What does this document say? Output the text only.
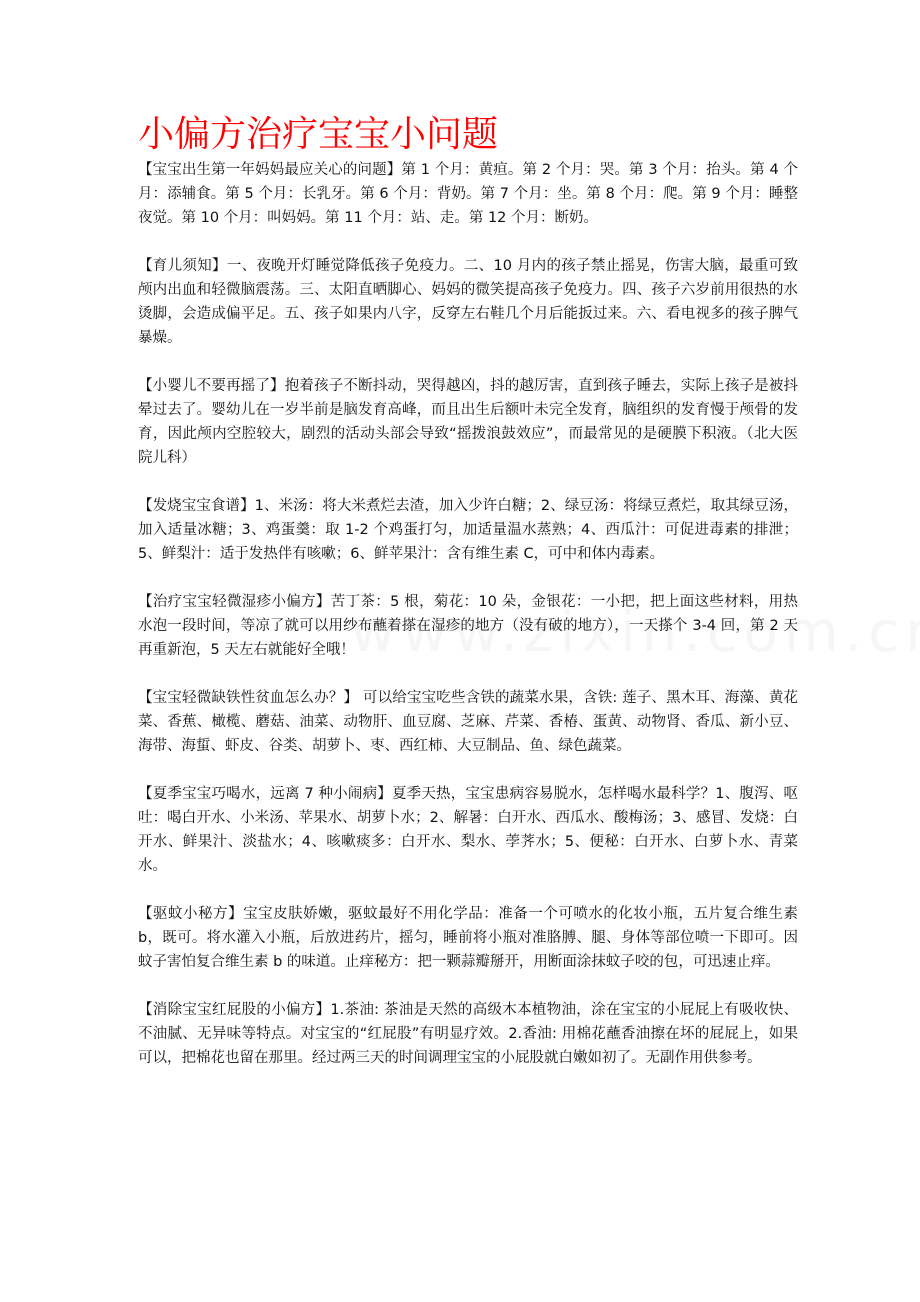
小偏方治疗宝宝小问题

【宝宝出生第一年妈妈最应关心的问题】第 1 个月：黄疸。第 2 个月：哭。第 3 个月：抬头。第 4 个月：添辅食。第 5 个月：长乳牙。第 6 个月：背奶。第 7 个月：坐。第 8 个月：爬。第 9 个月：睡整夜觉。第 10 个月：叫妈妈。第 11 个月：站、走。第 12 个月：断奶。

【育儿须知】一、夜晚开灯睡觉降低孩子免疫力。二、10 月内的孩子禁止摇晃，伤害大脑，最重可致颅内出血和轻微脑震荡。三、太阳直晒脚心、妈妈的微笑提高孩子免疫力。四、孩子六岁前用很热的水烫脚，会造成偏平足。五、孩子如果内八字，反穿左右鞋几个月后能扳过来。六、看电视多的孩子脾气暴燥。

【小婴儿不要再摇了】抱着孩子不断抖动，哭得越凶，抖的越厉害，直到孩子睡去，实际上孩子是被抖晕过去了。婴幼儿在一岁半前是脑发育高峰，而且出生后额叶未完全发育，脑组织的发育慢于颅骨的发育，因此颅内空腔较大，剧烈的活动头部会导致“摇拨浪鼓效应”，而最常见的是硬膜下积液。（北大医院儿科）

【发烧宝宝食谱】1、米汤：将大米煮烂去渣，加入少许白糖；2、绿豆汤：将绿豆煮烂，取其绿豆汤，加入适量冰糖；3、鸡蛋羹：取 1-2 个鸡蛋打匀，加适量温水蒸熟；4、西瓜汁：可促进毒素的排泄；5、鲜梨汁：适于发热伴有咳嗽；6、鲜苹果汁：含有维生素 C，可中和体内毒素。

【治疗宝宝轻微湿疹小偏方】苦丁茶：5 根，菊花：10 朵，金银花：一小把，把上面这些材料，用热水泡一段时间，等凉了就可以用纱布蘸着搽在湿疹的地方（没有破的地方），一天搽个 3-4 回，第 2 天再重新泡，5 天左右就能好全哦！

【宝宝轻微缺铁性贫血怎么办？】 可以给宝宝吃些含铁的蔬菜水果，含铁: 莲子、黑木耳、海藻、黄花菜、香蕉、橄榄、蘑菇、油菜、动物肝、血豆腐、芝麻、芹菜、香椿、蛋黄、动物肾、香瓜、新小豆、海带、海蜇、虾皮、谷类、胡萝卜、枣、西红柿、大豆制品、鱼、绿色蔬菜。

【夏季宝宝巧喝水，远离 7 种小闹病】夏季天热，宝宝患病容易脱水，怎样喝水最科学？1、腹泻、呕吐：喝白开水、小米汤、苹果水、胡萝卜水；2、解暑：白开水、西瓜水、酸梅汤；3、感冒、发烧：白开水、鲜果汁、淡盐水；4、咳嗽痰多：白开水、梨水、荸荠水；5、便秘：白开水、白萝卜水、青菜水。

【驱蚊小秘方】宝宝皮肤娇嫩，驱蚊最好不用化学品：准备一个可喷水的化妆小瓶，五片复合维生素 b，既可。将水灌入小瓶，后放进药片，摇匀，睡前将小瓶对准胳膊、腿、身体等部位喷一下即可。因蚊子害怕复合维生素 b 的味道。止痒秘方：把一颗蒜瓣掰开，用断面涂抹蚊子咬的包，可迅速止痒。

【消除宝宝红屁股的小偏方】1.茶油: 茶油是天然的高级木本植物油，涂在宝宝的小屁屁上有吸收快、不油腻、无异味等特点。对宝宝的“红屁股”有明显疗效。2.香油: 用棉花蘸香油擦在坏的屁屁上，如果可以，把棉花也留在那里。经过两三天的时间调理宝宝的小屁股就白嫩如初了。无副作用供参考。
